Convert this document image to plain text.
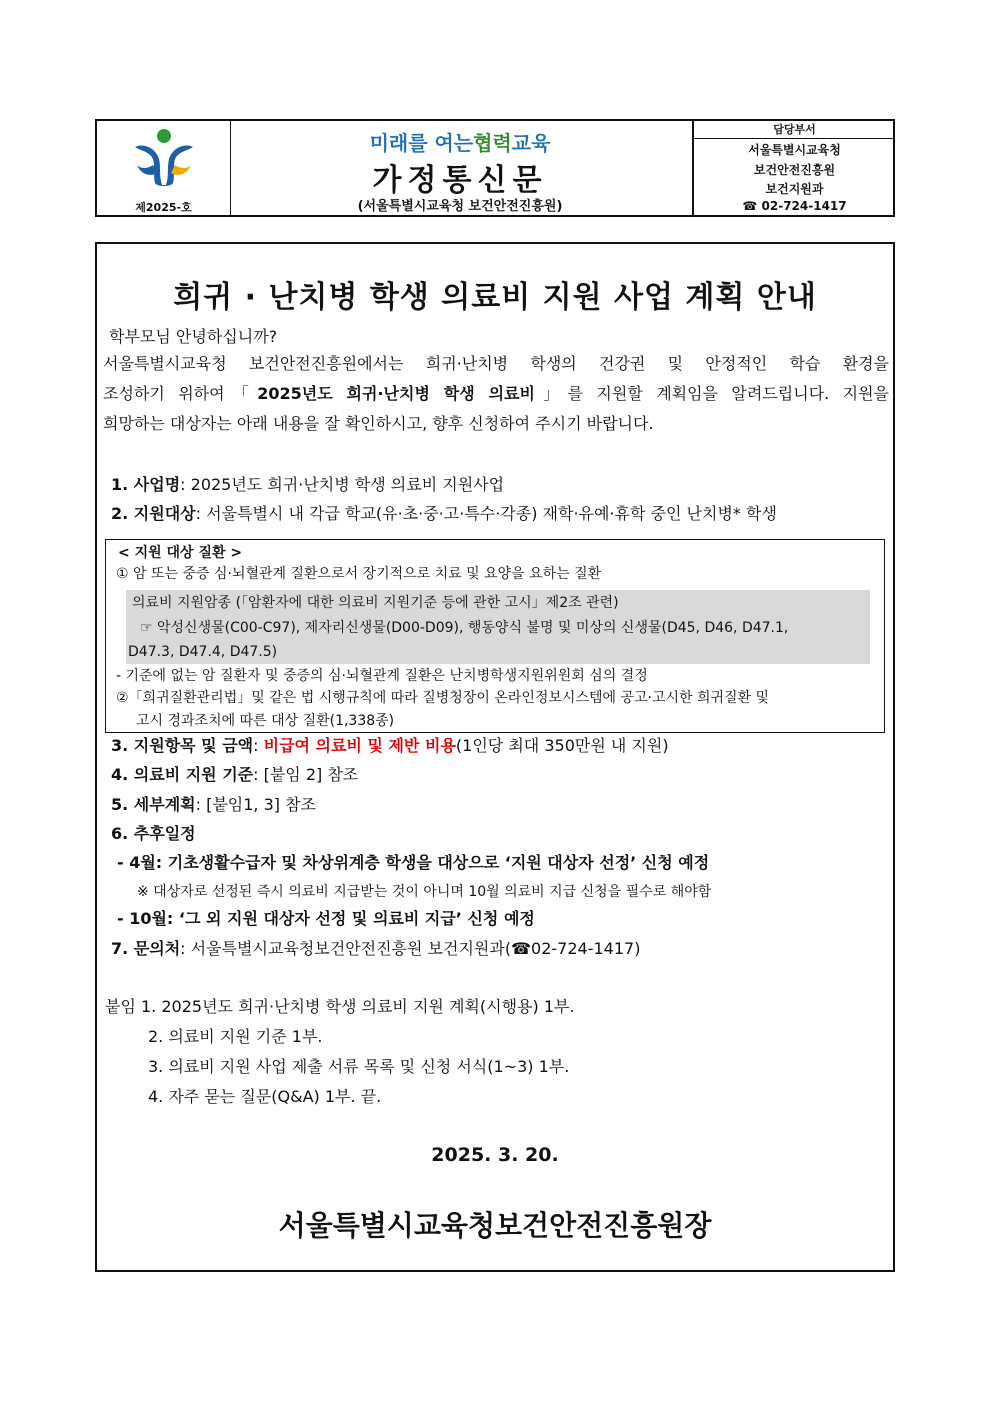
제2025-호
미래를 여는협력교육
가정통신문
(서울특별시교육청 보건안전진흥원)
담당부서
서울특별시교육청
보건안전진흥원
보건지원과
☎ 02-724-1417
희귀 · 난치병 학생 의료비 지원 사업 계획 안내
학부모님 안녕하십니까?
서울특별시교육청 보건안전진흥원에서는 희귀·난치병 학생의 건강권 및 안정적인 학습 환경을
조성하기 위하여「2025년도 희귀·난치병 학생 의료비」를 지원할 계획임을 알려드립니다. 지원을
희망하는 대상자는 아래 내용을 잘 확인하시고, 향후 신청하여 주시기 바랍니다.
1. 사업명: 2025년도 희귀·난치병 학생 의료비 지원사업
2. 지원대상: 서울특별시 내 각급 학교(유·초·중·고·특수·각종) 재학·유예·휴학 중인 난치병* 학생
< 지원 대상 질환 >
① 암 또는 중증 심·뇌혈관계 질환으로서 장기적으로 치료 및 요양을 요하는 질환
의료비 지원암종 (「암환자에 대한 의료비 지원기준 등에 관한 고시」제2조 관련)
☞ 악성신생물(C00-C97), 제자리신생물(D00-D09), 행동양식 불명 및 미상의 신생물(D45, D46, D47.1,
D47.3, D47.4, D47.5)
- 기준에 없는 암 질환자 및 중증의 심·뇌혈관계 질환은 난치병학생지원위원회 심의 결정
②「희귀질환관리법」및 같은 법 시행규칙에 따라 질병청장이 온라인정보시스템에 공고·고시한 희귀질환 및
고시 경과조치에 따른 대상 질환(1,338종)
3. 지원항목 및 금액: 비급여 의료비 및 제반 비용(1인당 최대 350만원 내 지원)
4. 의료비 지원 기준: [붙임 2] 참조
5. 세부계획: [붙임1, 3] 참조
6. 추후일정
- 4월: 기초생활수급자 및 차상위계층 학생을 대상으로 ‘지원 대상자 선정’ 신청 예정
※ 대상자로 선정된 즉시 의료비 지급받는 것이 아니며 10월 의료비 지급 신청을 필수로 해야함
- 10월: ‘그 외 지원 대상자 선정 및 의료비 지급’ 신청 예정
7. 문의처: 서울특별시교육청보건안전진흥원 보건지원과(☎02-724-1417)
붙임 1. 2025년도 희귀·난치병 학생 의료비 지원 계획(시행용) 1부.
2. 의료비 지원 기준 1부.
3. 의료비 지원 사업 제출 서류 목록 및 신청 서식(1~3) 1부.
4. 자주 묻는 질문(Q&A) 1부. 끝.
2025. 3. 20.
서울특별시교육청보건안전진흥원장
